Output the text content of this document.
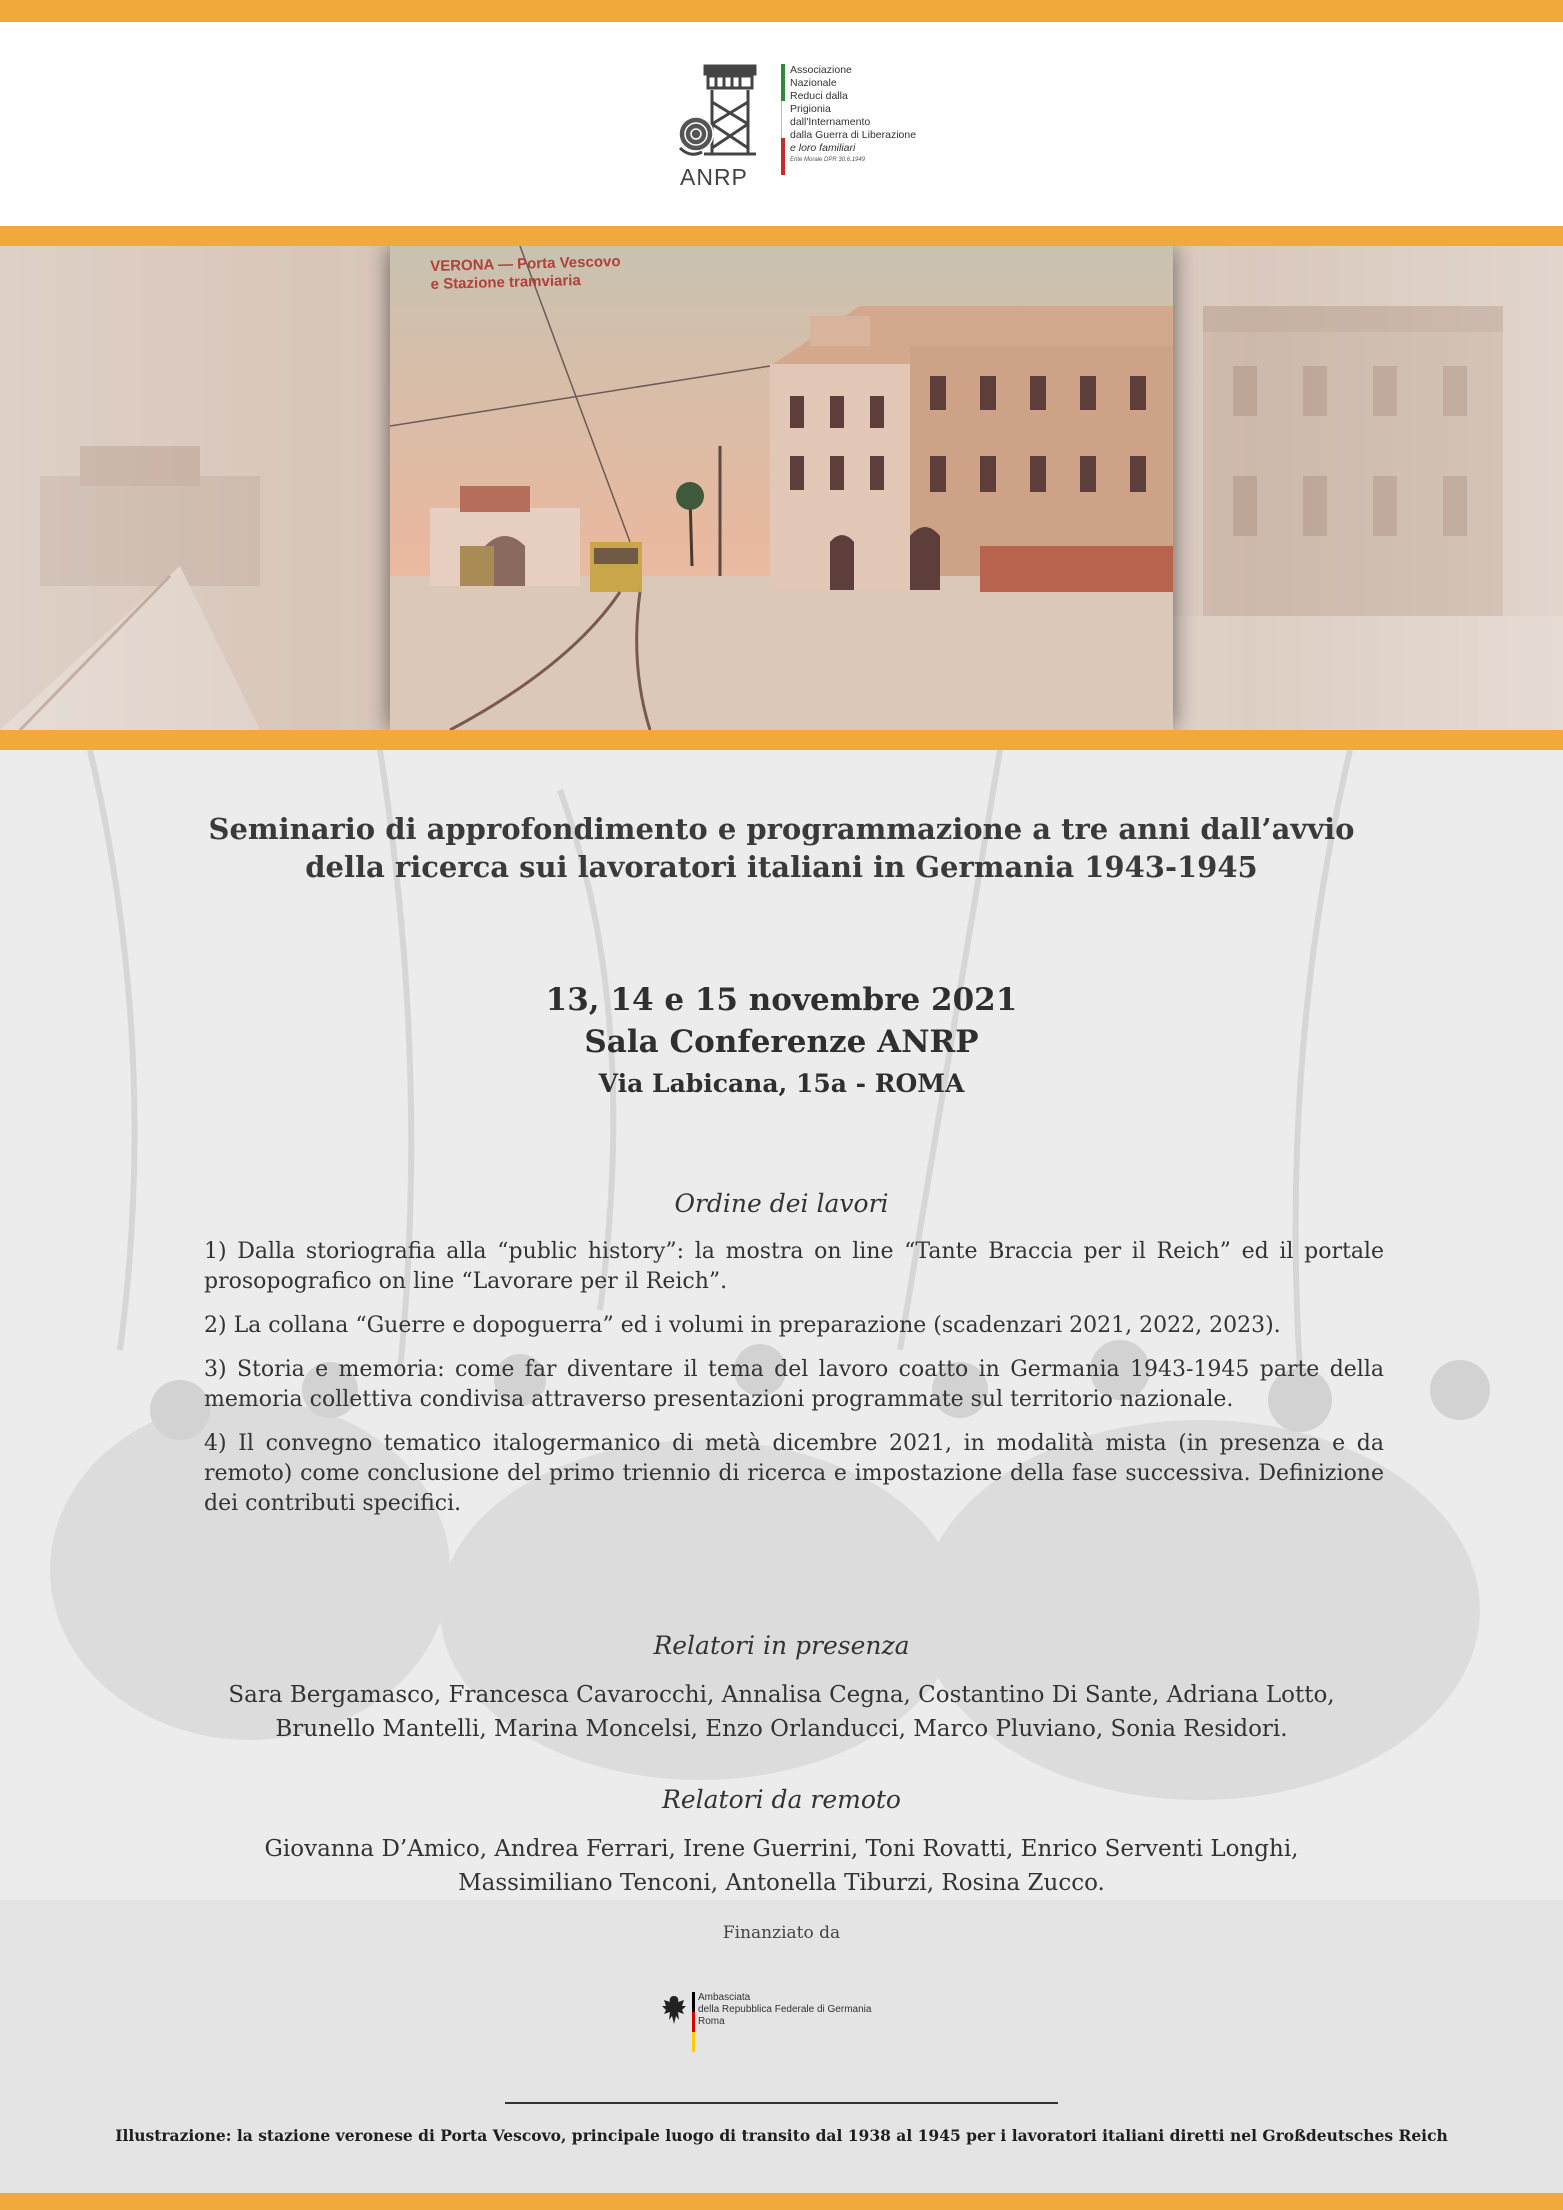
Associazione
Nazionale
Reduci dalla
Prigionia
dall'Internamento
dalla Guerra di Liberazione
e loro familiari
Ente Morale DPR 30.6.1949
ANRP
VERONA — Porta Vescovo
e Stazione tramviaria
Seminario di approfondimento e programmazione a tre anni dall’avvio
della ricerca sui lavoratori italiani in Germania 1943-1945
13, 14 e 15 novembre 2021
Sala Conferenze ANRP
Via Labicana, 15a - ROMA
Ordine dei lavori

1) Dalla storiografia alla “public history”: la mostra on line “Tante Braccia per il Reich” ed il portale prosopografico on line “Lavorare per il Reich”.

2) La collana “Guerre e dopoguerra” ed i volumi in preparazione (scadenzari 2021, 2022, 2023).

3) Storia e memoria: come far diventare il tema del lavoro coatto in Germania 1943-1945 parte della memoria collettiva condivisa attraverso presentazioni programmate sul territorio nazionale.

4) Il convegno tematico italogermanico di metà dicembre 2021, in modalità mista (in presenza e da remoto) come conclusione del primo triennio di ricerca e impostazione della fase successiva. Definizione dei contributi specifici.

Relatori in presenza
Sara Bergamasco, Francesca Cavarocchi, Annalisa Cegna, Costantino Di Sante, Adriana Lotto,
Brunello Mantelli, Marina Moncelsi, Enzo Orlanducci, Marco Pluviano, Sonia Residori.
Relatori da remoto
Giovanna D’Amico, Andrea Ferrari, Irene Guerrini, Toni Rovatti, Enrico Serventi Longhi,
Massimiliano Tenconi, Antonella Tiburzi, Rosina Zucco.
Finanziato da
Ambasciata
della Repubblica Federale di Germania
Roma
Illustrazione: la stazione veronese di Porta Vescovo, principale luogo di transito dal 1938 al 1945 per i lavoratori italiani diretti nel Großdeutsches Reich
